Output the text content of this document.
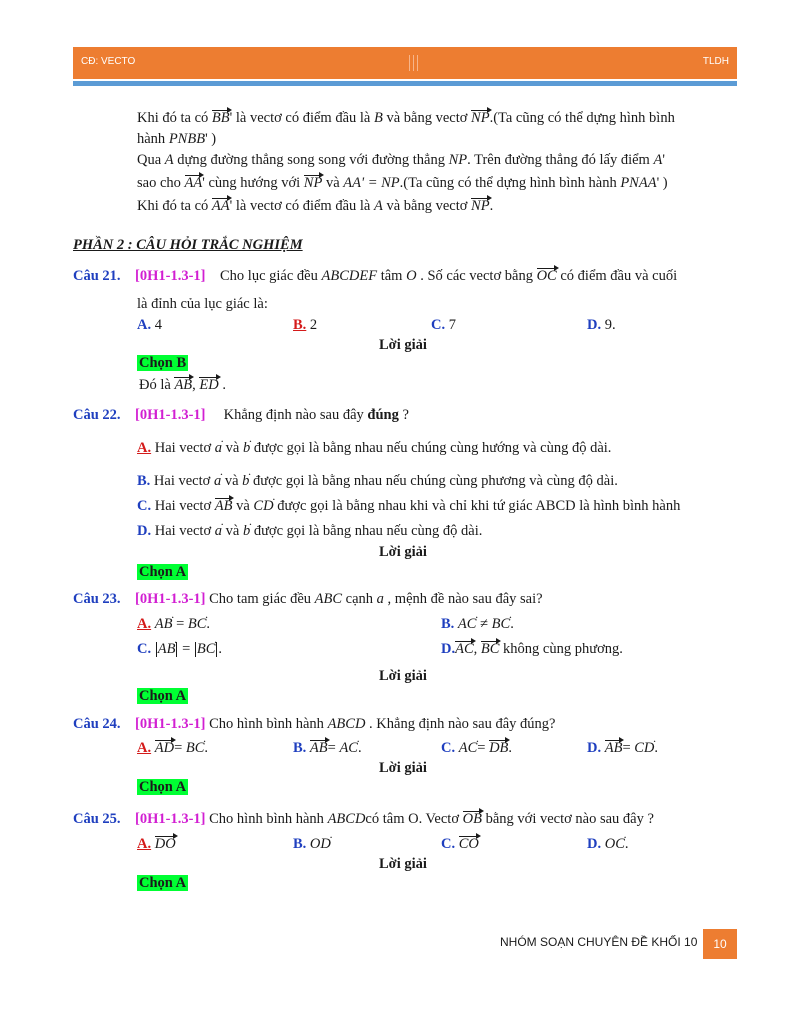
CĐ: VECTO	TLDH
Khi đó ta có BB' là vectơ có điểm đầu là B và bằng vectơ NP.(Ta cũng có thể dựng hình bình
hành PNBB' )
Qua A dựng đường thẳng song song với đường thẳng NP. Trên đường thẳng đó lấy điểm A'
sao cho AA' cùng hướng với NP và AA' = NP.(Ta cũng có thể dựng hình bình hành PNAA' )
Khi đó ta có AA' là vectơ có điểm đầu là A và bằng vectơ NP.
PHẦN 2 : CÂU HỎI TRẮC NGHIỆM
Câu 21. [0H1-1.3-1] Cho lục giác đều ABCDEF tâm O . Số các vectơ bằng OC có điểm đầu và cuối
là đỉnh của lục giác là:
A. 4	B. 2	C. 7	D. 9.
Lời giải
Chọn B
Đó là AB, ED .
Câu 22. [0H1-1.3-1] Khẳng định nào sau đây đúng ?
A. Hai vectơ a . và b . được gọi là bằng nhau nếu chúng cùng hướng và cùng độ dài.
B. Hai vectơ a . và b . được gọi là bằng nhau nếu chúng cùng phương và cùng độ dài.
C. Hai vectơ AB và CD . được gọi là bằng nhau khi và chỉ khi tứ giác ABCD là hình bình hành
D. Hai vectơ a . và b . được gọi là bằng nhau nếu cùng độ dài.
Lời giải
Chọn A
Câu 23. [0H1-1.3-1] Cho tam giác đều ABC cạnh a , mệnh đề nào sau đây sai?
A. AB . = BC ..	B. AC . ≠ BC ..
C. AB . = BC . .	D.AC, BC không cùng phương.
Lời giải
Chọn A
Câu 24. [0H1-1.3-1] Cho hình bình hành ABCD . Khẳng định nào sau đây đúng?
A. AD= BC ..	B. AB= AC ..	C. AC .= DB.	D. AB= CD ..
Lời giải
Chọn A
Câu 25. [0H1-1.3-1] Cho hình bình hành ABCDcó tâm O. Vectơ OB bằng với vectơ nào sau đây ?
A. DO	B. OD .	C. CO	D. OC ..
Lời giải
Chọn A
NHÓM SOẠN CHUYÊN ĐỀ KHỐI 10	10
